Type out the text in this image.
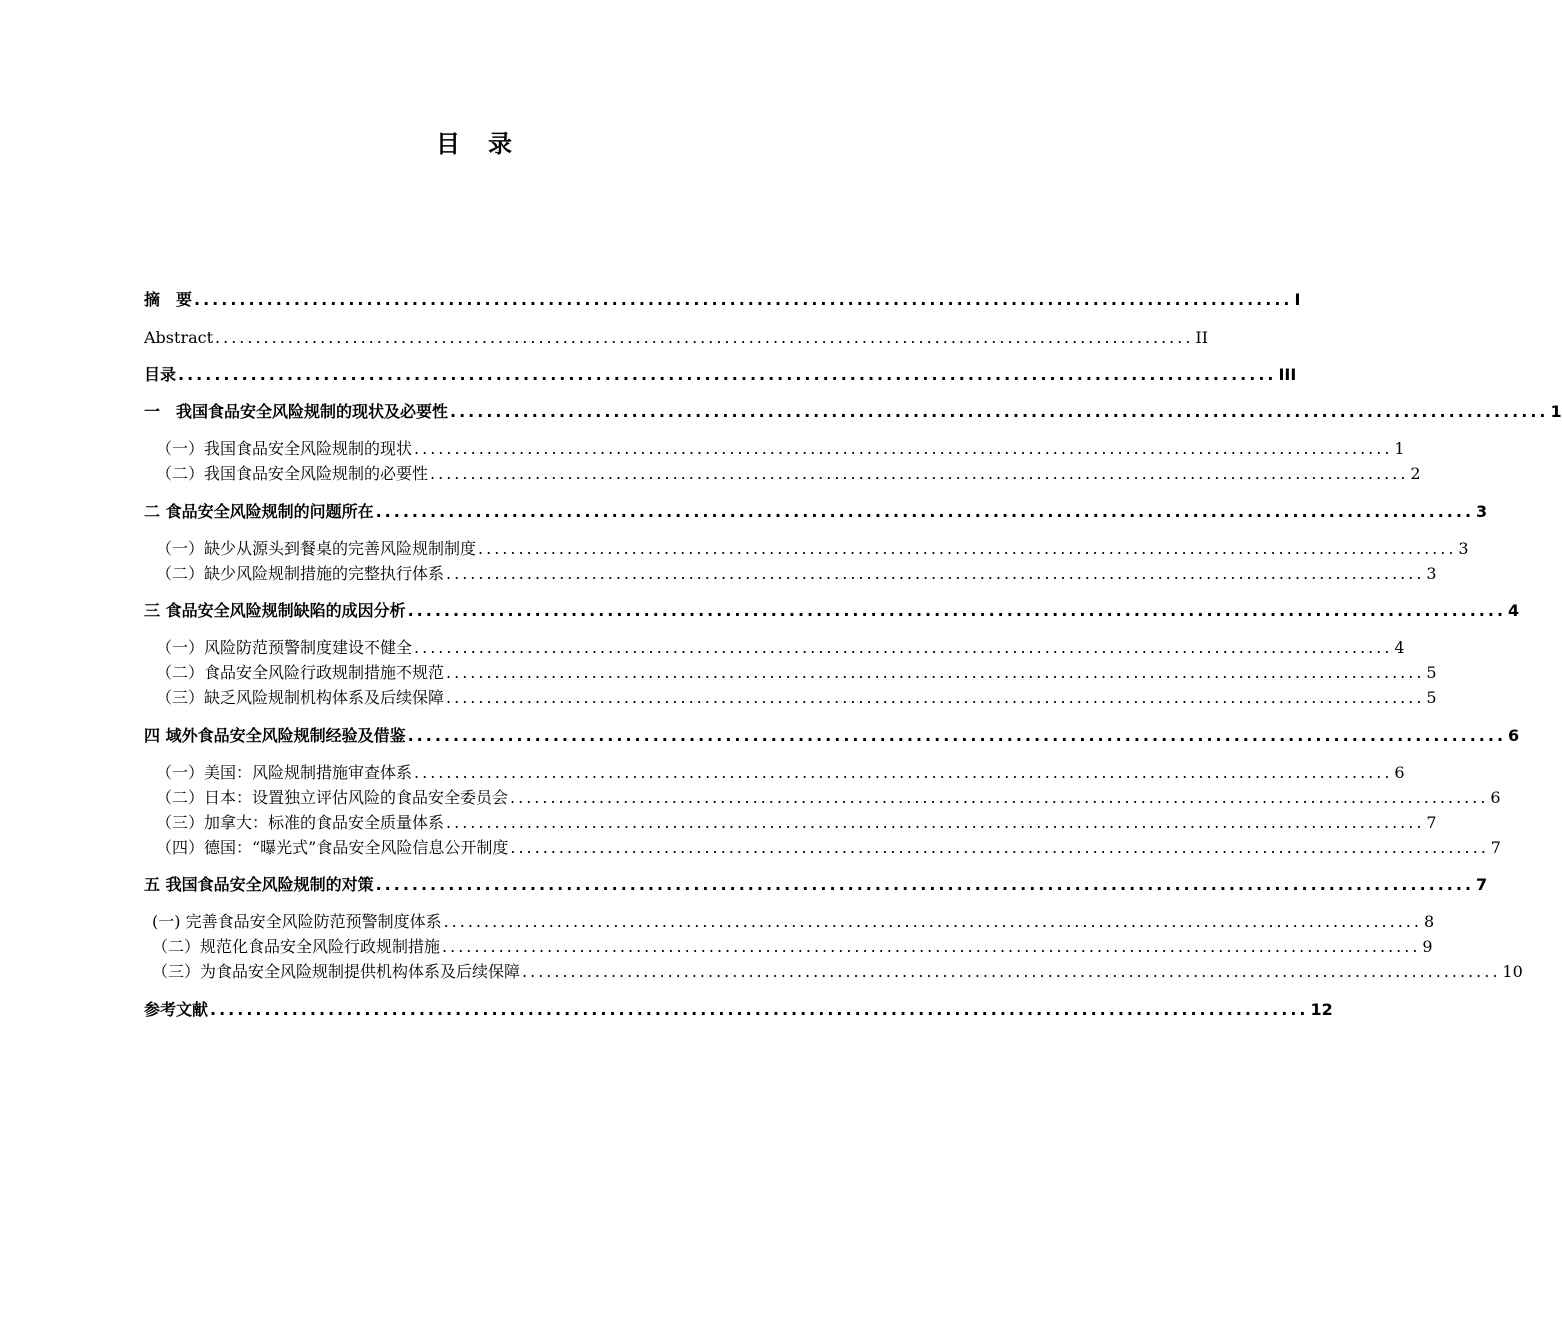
目　录
摘　要 ......................................................................................................................... I
Abstract ......................................................................................................................... II
目录 ......................................................................................................................... III
一　我国食品安全风险规制的现状及必要性 ......................................................................................................................... 1
（一）我国食品安全风险规制的现状 ......................................................................................................................... 1
（二）我国食品安全风险规制的必要性 ......................................................................................................................... 2
二 食品安全风险规制的问题所在 ......................................................................................................................... 3
（一）缺少从源头到餐桌的完善风险规制制度 ......................................................................................................................... 3
（二）缺少风险规制措施的完整执行体系 ......................................................................................................................... 3
三 食品安全风险规制缺陷的成因分析 ......................................................................................................................... 4
（一）风险防范预警制度建设不健全 ......................................................................................................................... 4
（二）食品安全风险行政规制措施不规范 ......................................................................................................................... 5
（三）缺乏风险规制机构体系及后续保障 ......................................................................................................................... 5
四 域外食品安全风险规制经验及借鉴 ......................................................................................................................... 6
（一）美国：风险规制措施审查体系 ......................................................................................................................... 6
（二）日本：设置独立评估风险的食品安全委员会 ......................................................................................................................... 6
（三）加拿大：标准的食品安全质量体系 ......................................................................................................................... 7
（四）德国：“曝光式”食品安全风险信息公开制度 ......................................................................................................................... 7
五 我国食品安全风险规制的对策 ......................................................................................................................... 7
(一) 完善食品安全风险防范预警制度体系 ......................................................................................................................... 8
（二）规范化食品安全风险行政规制措施 ......................................................................................................................... 9
（三）为食品安全风险规制提供机构体系及后续保障 ......................................................................................................................... 10
参考文献 ......................................................................................................................... 12
